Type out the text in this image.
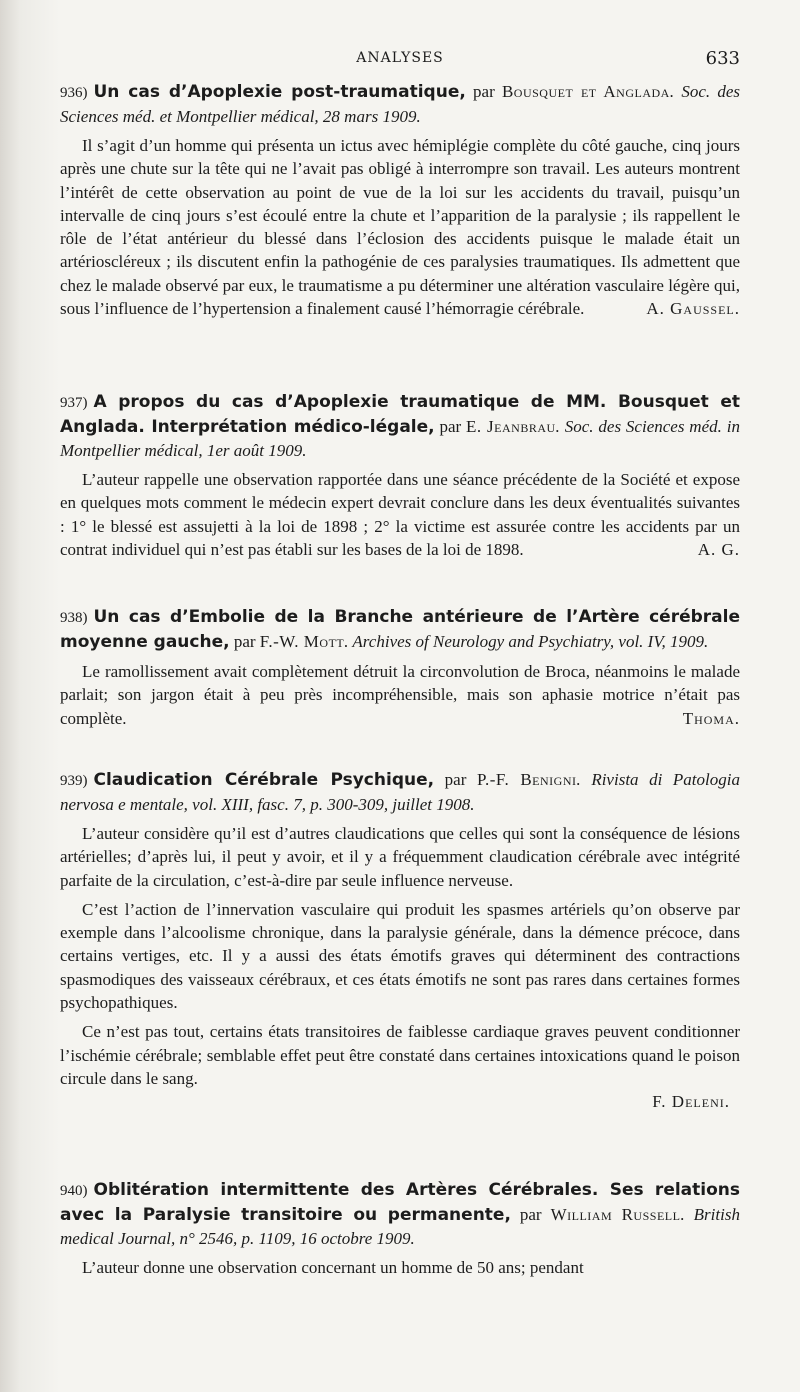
ANALYSES	633

936) Un cas d’Apoplexie post-traumatique, par Bousquet et Anglada. Soc. des Sciences méd. et Montpellier médical, 28 mars 1909.

Il s’agit d’un homme qui présenta un ictus avec hémiplégie complète du côté gauche, cinq jours après une chute sur la tête qui ne l’avait pas obligé à interrompre son travail. Les auteurs montrent l’intérêt de cette observation au point de vue de la loi sur les accidents du travail, puisqu’un intervalle de cinq jours s’est écoulé entre la chute et l’apparition de la paralysie ; ils rappellent le rôle de l’état antérieur du blessé dans l’éclosion des accidents puisque le malade était un artérioscléreux ; ils discutent enfin la pathogénie de ces paralysies traumatiques. Ils admettent que chez le malade observé par eux, le traumatisme a pu déterminer une altération vasculaire légère qui, sous l’influence de l’hypertension a finalement causé l’hémorragie cérébrale.	A. Gaussel.

937) A propos du cas d’Apoplexie traumatique de MM. Bousquet et Anglada. Interprétation médico-légale, par E. Jeanbrau. Soc. des Sciences méd. in Montpellier médical, 1er août 1909.

L’auteur rappelle une observation rapportée dans une séance précédente de la Société et expose en quelques mots comment le médecin expert devrait conclure dans les deux éventualités suivantes : 1° le blessé est assujetti à la loi de 1898 ; 2° la victime est assurée contre les accidents par un contrat individuel qui n’est pas établi sur les bases de la loi de 1898.	A. G.

938) Un cas d’Embolie de la Branche antérieure de l’Artère cérébrale moyenne gauche, par F.-W. Mott. Archives of Neurology and Psychiatry, vol. IV, 1909.

Le ramollissement avait complètement détruit la circonvolution de Broca, néanmoins le malade parlait; son jargon était à peu près incompréhensible, mais son aphasie motrice n’était pas complète.	Thoma.

939) Claudication Cérébrale Psychique, par P.-F. Benigni. Rivista di Patologia nervosa e mentale, vol. XIII, fasc. 7, p. 300-309, juillet 1908.

L’auteur considère qu’il est d’autres claudications que celles qui sont la conséquence de lésions artérielles; d’après lui, il peut y avoir, et il y a fréquemment claudication cérébrale avec intégrité parfaite de la circulation, c’est-à-dire par seule influence nerveuse.

C’est l’action de l’innervation vasculaire qui produit les spasmes artériels qu’on observe par exemple dans l’alcoolisme chronique, dans la paralysie générale, dans la démence précoce, dans certains vertiges, etc. Il y a aussi des états émotifs graves qui déterminent des contractions spasmodiques des vaisseaux cérébraux, et ces états émotifs ne sont pas rares dans certaines formes psychopathiques.

Ce n’est pas tout, certains états transitoires de faiblesse cardiaque graves peuvent conditionner l’ischémie cérébrale; semblable effet peut être constaté dans certaines intoxications quand le poison circule dans le sang.

F. Deleni.

940) Oblitération intermittente des Artères Cérébrales. Ses relations avec la Paralysie transitoire ou permanente, par William Russell. British medical Journal, n° 2546, p. 1109, 16 octobre 1909.

L’auteur donne une observation concernant un homme de 50 ans; pendant
